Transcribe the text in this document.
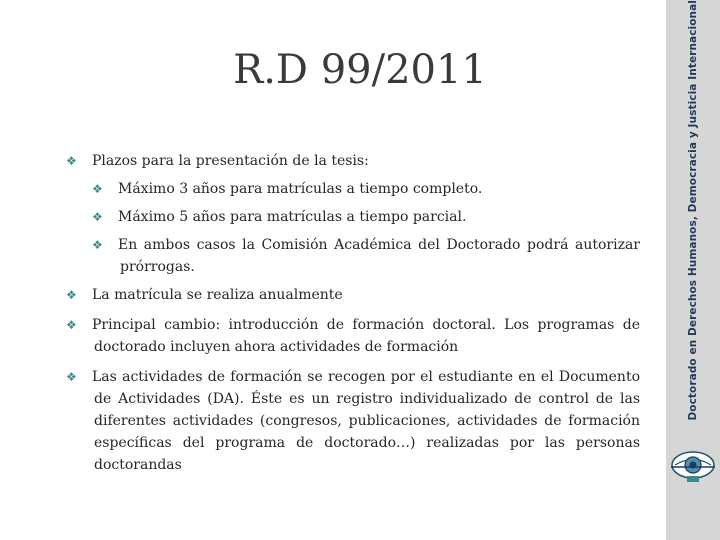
R.D 99/2011
❖ Plazos para la presentación de la tesis:
❖ Máximo 3 años para matrículas a tiempo completo.
❖ Máximo 5 años para matrículas a tiempo parcial.
❖ En ambos casos la Comisión Académica del Doctorado podrá autorizar prórrogas.
❖ La matrícula se realiza anualmente
❖ Principal cambio: introducción de formación doctoral. Los programas de doctorado incluyen ahora actividades de formación
❖ Las actividades de formación se recogen por el estudiante en el Documento de Actividades (DA). Éste es un registro individualizado de control de las diferentes actividades (congresos, publicaciones, actividades de formación específicas del programa de doctorado…) realizadas por las personas doctorandas
Doctorado en Derechos Humanos, Democracia y Justicia Internacional
